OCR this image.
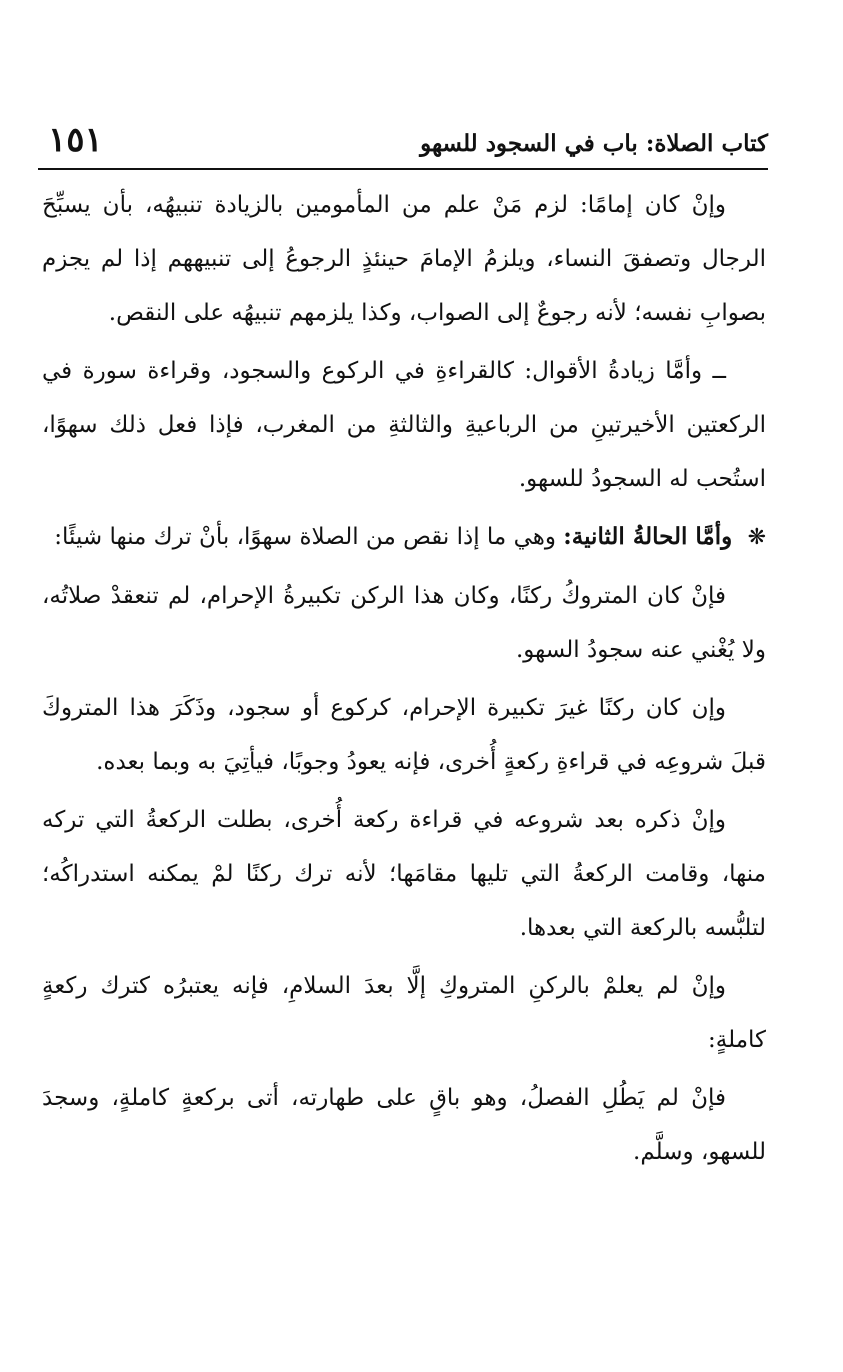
١٥١	كتاب الصلاة: باب في السجود للسهو

وإنْ كان إمامًا: لزم مَنْ علم من المأمومين بالزيادة تنبيهُه، بأن يسبِّحَ الرجال وتصفقَ النساء، ويلزمُ الإمامَ حينئذٍ الرجوعُ إلى تنبيههم إذا لم يجزم بصوابِ نفسه؛ لأنه رجوعٌ إلى الصواب، وكذا يلزمهم تنبيهُه على النقص.

ــ وأمَّا زيادةُ الأقوال: كالقراءةِ في الركوع والسجود، وقراءة سورة في الركعتين الأخيرتينِ من الرباعيةِ والثالثةِ من المغرب، فإذا فعل ذلك سهوًا، استُحب له السجودُ للسهو.

❋ وأمَّا الحالةُ الثانية: وهي ما إذا نقص من الصلاة سهوًا، بأنْ ترك منها شيئًا:

فإنْ كان المتروكُ ركنًا، وكان هذا الركن تكبيرةُ الإحرام، لم تنعقدْ صلاتُه، ولا يُغْني عنه سجودُ السهو.

وإن كان ركنًا غيرَ تكبيرة الإحرام، كركوع أو سجود، وذَكَرَ هذا المتروكَ قبلَ شروعِه في قراءةِ ركعةٍ أُخرى، فإنه يعودُ وجوبًا، فيأتِيَ به وبما بعده.

وإنْ ذكره بعد شروعه في قراءة ركعة أُخرى، بطلت الركعةُ التي تركه منها، وقامت الركعةُ التي تليها مقامَها؛ لأنه ترك ركنًا لمْ يمكنه استدراكُه؛ لتلبُّسه بالركعة التي بعدها.

وإنْ لم يعلمْ بالركنِ المتروكِ إلَّا بعدَ السلامِ، فإنه يعتبرُه كترك ركعةٍ كاملةٍ:

فإنْ لم يَطُلِ الفصلُ، وهو باقٍ على طهارته، أتى بركعةٍ كاملةٍ، وسجدَ للسهو، وسلَّم.
